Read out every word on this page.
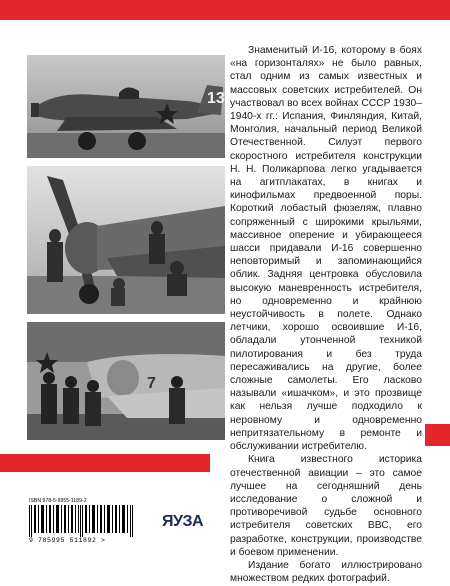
13
7

Знаменитый И-16, которому в боях «на горизонталях» не было равных, стал одним из самых известных и массовых советских истребителей. Он участвовал во всех войнах СССР 1930–1940-х гг.: Испания, Финляндия, Китай, Монголия, начальный период Великой Отечественной. Силуэт первого скоростного истребителя конструкции Н. Н. Поликарпова легко угадывается на агитплакатах, в книгах и кинофильмах предвоенной поры. Короткий лобастый фюзеляж, плавно сопряженный с широкими крыльями, массивное оперение и убирающееся шасси придавали И-16 совершенно неповторимый и запоминающийся облик. Задняя центровка обусловила высокую маневренность истребителя, но одновременно и крайнюю неустойчивость в полете. Однако летчики, хорошо освоившие И-16, обладали утонченной техникой пилотирования и без труда пересаживались на другие, более сложные самолеты. Его ласково называли «ишачком», и это прозвище как нельзя лучше подходило к неровному и одновременно непритязательному в ремонте и обслуживании истребителю.

Книга известного историка отечественной авиации – это самое лучшее на сегодняшний день исследование о сложной и противоречивой судьбе основного истребителя советских ВВС, его разработке, конструкции, производстве и боевом применении.

Издание богато иллюстрировано множеством редких фотографий.

ISBN 978-5-9955-1189-2
9 785995 511892 >
ЯУЗА
